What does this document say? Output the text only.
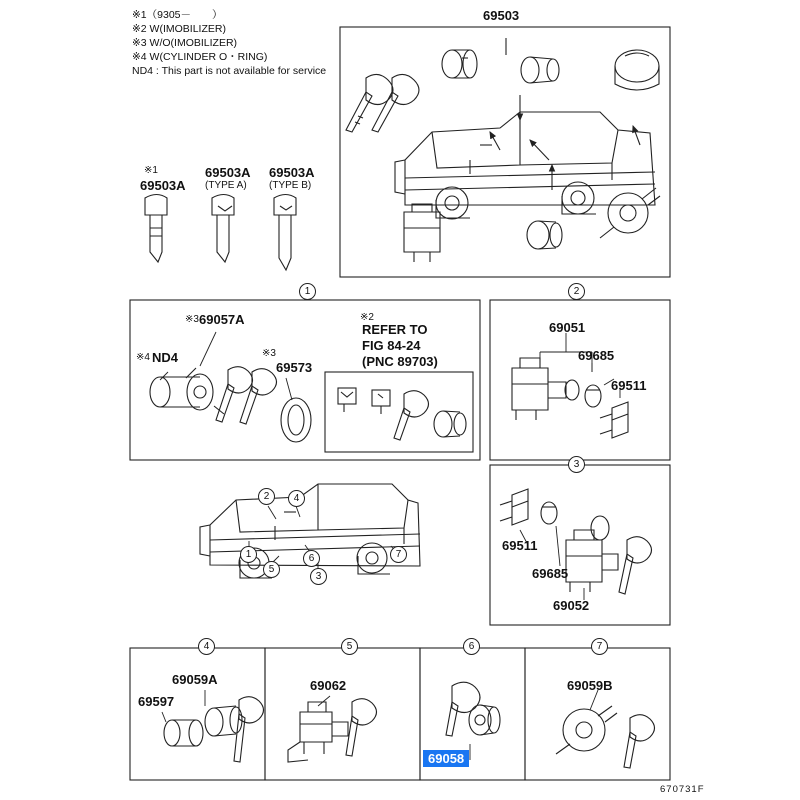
※1（9305－　　）
※2 W(IMOBILIZER)
※3 W/O(IMOBILIZER)
※4 W(CYLINDER O・RING)
ND4 : This part is not available for service
69503
※1
69503A
69503A
(TYPE A)
69503A
(TYPE B)
1	2
3
4	5	6	7
※3 69057A
※4 ND4	※3
69573
※2
REFER TO
FIG 84-24
(PNC 89703)
69051
69685
69511
69511
69685
69052
69059A
69597
69062
69058
69059B
2	4
1	6
5
3
7
670731F
